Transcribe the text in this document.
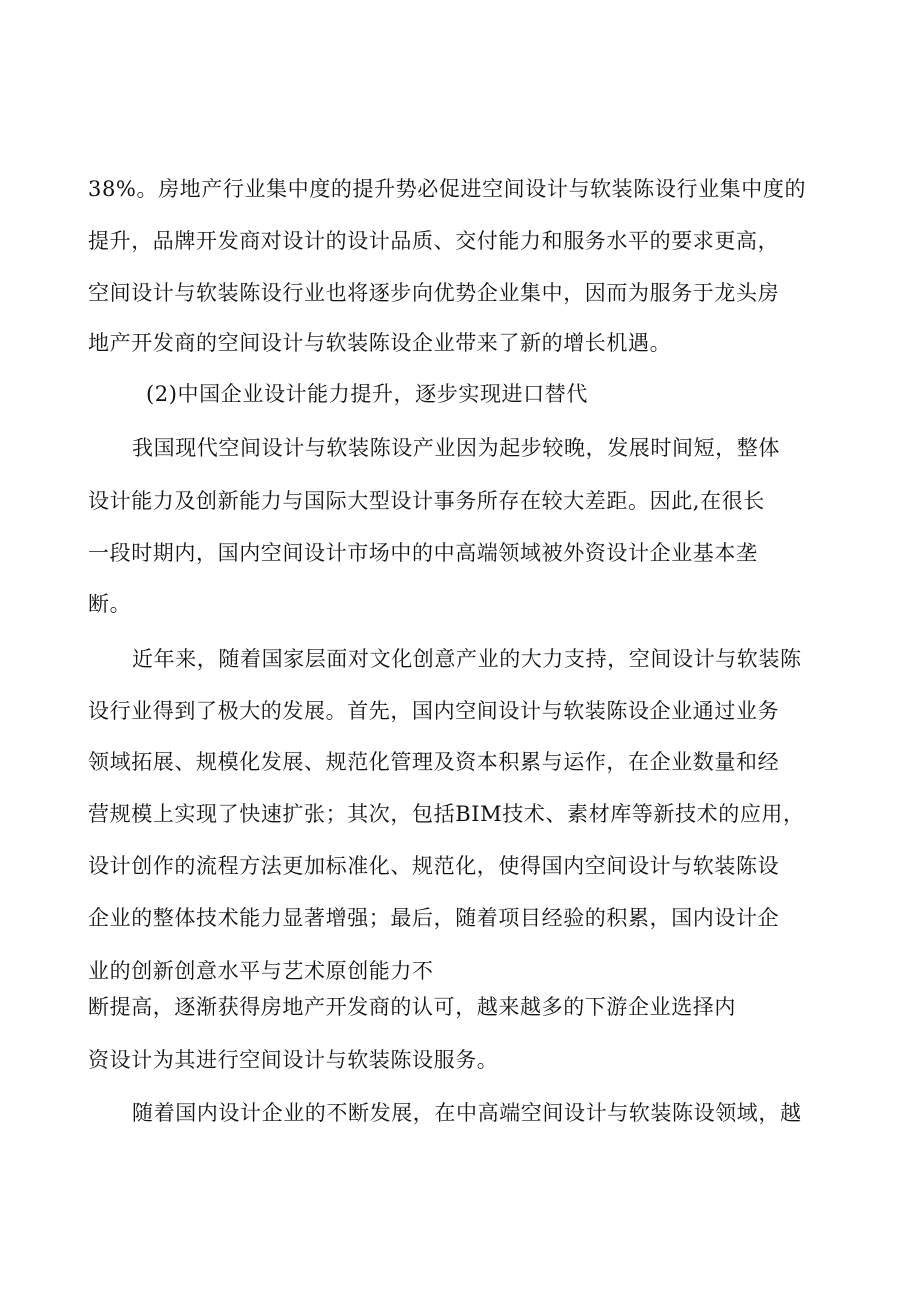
38%。房地产行业集中度的提升势必促进空间设计与软装陈设行业集中度的
提升，品牌开发商对设计的设计品质、交付能力和服务水平的要求更高，
空间设计与软装陈设行业也将逐步向优势企业集中，因而为服务于龙头房
地产开发商的空间设计与软装陈设企业带来了新的增长机遇。
(2)中国企业设计能力提升，逐步实现进口替代
我国现代空间设计与软装陈设产业因为起步较晚，发展时间短，整体
设计能力及创新能力与国际大型设计事务所存在较大差距。因此,在很长
一段时期内，国内空间设计市场中的中高端领域被外资设计企业基本垄
断。
近年来，随着国家层面对文化创意产业的大力支持，空间设计与软装陈
设行业得到了极大的发展。首先，国内空间设计与软装陈设企业通过业务
领域拓展、规模化发展、规范化管理及资本积累与运作，在企业数量和经
营规模上实现了快速扩张；其次，包括BIM技术、素材库等新技术的应用，
设计创作的流程方法更加标准化、规范化，使得国内空间设计与软装陈设
企业的整体技术能力显著增强；最后，随着项目经验的积累，国内设计企
业的创新创意水平与艺术原创能力不
断提高，逐渐获得房地产开发商的认可，越来越多的下游企业选择内
资设计为其进行空间设计与软装陈设服务。
随着国内设计企业的不断发展，在中高端空间设计与软装陈设领域，越
